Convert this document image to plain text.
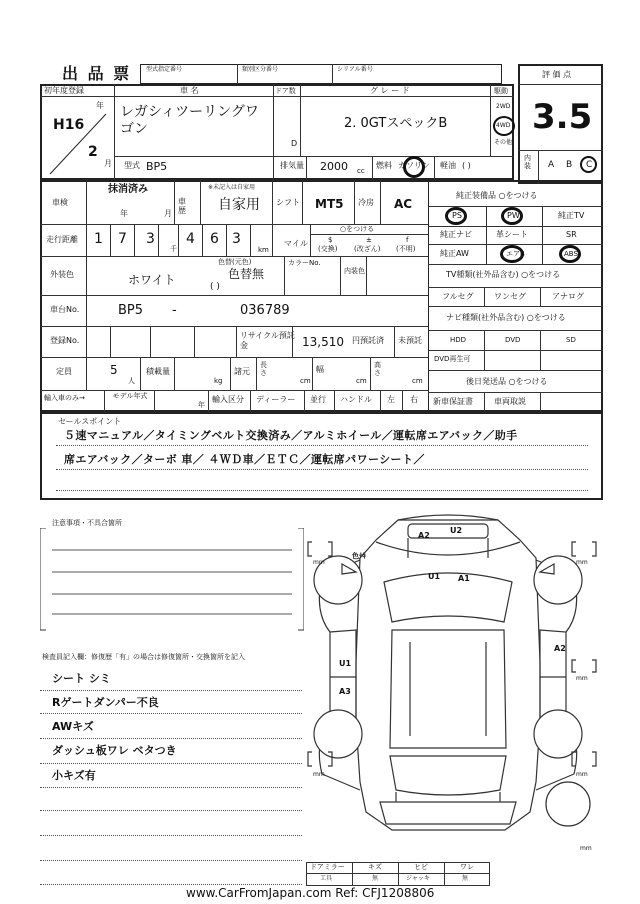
出 品 票 型式指定番号	類別区分番号	シリアル番号
評 価 点
3.5
内装 A B C
初年度登録
年
H16
2
月
車 名
レガシィツーリングワゴン
ドア数
D
グ レ ー ド
2. 0GTスペックB
駆動
2WD
4WD
その他
型式 BP5	排気量 2000 cc
燃料 ガソリン 軽油 ( )
車検
抹消済み
年	月
車歴
※未記入は自家用
自家用 シフト MT5 冷房 AC
走行距離 1 7 3
千
4 6 3
km
マイル
○をつける
$
(交換)
±
(改ざん)
f
(不明)
外装色	ホワイト
色替(元色)
色替無
( )
カラーNo.
内装色
車台No.	BP5 -	036789
登録No.
リサイクル預託金	13,510 円預託済 未預託
定員	5
人
積載量
kg
諸元
長さ
cm
幅
cm
高さ
cm
輸入車のみ→	モデル年式
年
輸入区分 ディーラー 並行 ハンドル 左 右
純正装備品 ○をつける
PS	PW	純正TV
純正ナビ	革シート	SR
純正AW	エアB	ABS
TV種類(社外品含む) ○をつける
フルセグ	ワンセグ	アナログ
ナビ種類(社外品含む) ○をつける
HDD	DVD	SD
DVD再生可
後日発送品 ○をつける
新車保証書	車両取説
セールスポイント
５速マニュアル／タイミングベルト交換済み／アルミホイール／運転席エアバック／助手
席エアバック／ターボ 車／ ４ＷＤ車／ＥＴＣ／運転席パワーシート／
注意事項・不具合箇所
検査員記入欄：修復歴「有」の場合は修復箇所・交換箇所を記入
シート シミ
Rゲートダンパー不良
AWキズ
ダッシュ板ワレ ベタつき
小キズ有
A2
U2
色ﾅｷ
U1 A1
A2
U1
A3
mm	mm
mm	mm
mm
mm
ドアミラー	キズ	ヒビ	ワレ
工具	無	ジャッキ	無
www.CarFromJapan.com Ref: CFJ1208806
